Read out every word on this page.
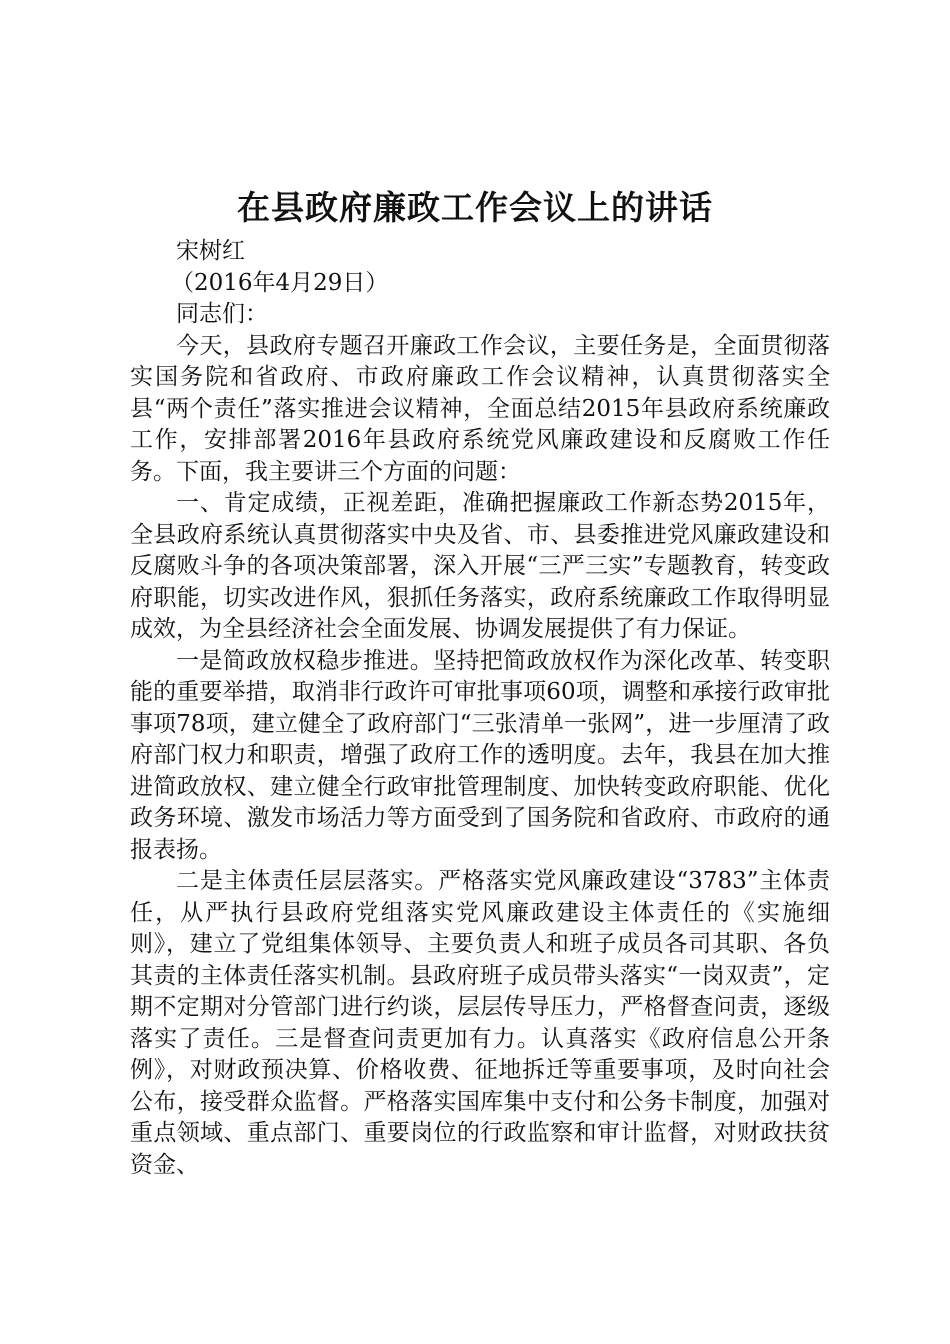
在县政府廉政工作会议上的讲话

宋树红

（2016年4月29日）

同志们：

今天，县政府专题召开廉政工作会议，主要任务是，全面贯彻落实国务院和省政府、市政府廉政工作会议精神，认真贯彻落实全县“两个责任”落实推进会议精神，全面总结2015年县政府系统廉政工作，安排部署2016年县政府系统党风廉政建设和反腐败工作任务。下面，我主要讲三个方面的问题：

一、肯定成绩，正视差距，准确把握廉政工作新态势2015年，全县政府系统认真贯彻落实中央及省、市、县委推进党风廉政建设和反腐败斗争的各项决策部署，深入开展“三严三实”专题教育，转变政府职能，切实改进作风，狠抓任务落实，政府系统廉政工作取得明显成效，为全县经济社会全面发展、协调发展提供了有力保证。

一是简政放权稳步推进。坚持把简政放权作为深化改革、转变职能的重要举措，取消非行政许可审批事项60项，调整和承接行政审批事项78项，建立健全了政府部门“三张清单一张网”，进一步厘清了政府部门权力和职责，增强了政府工作的透明度。去年，我县在加大推进简政放权、建立健全行政审批管理制度、加快转变政府职能、优化政务环境、激发市场活力等方面受到了国务院和省政府、市政府的通报表扬。

二是主体责任层层落实。严格落实党风廉政建设“3783”主体责任，从严执行县政府党组落实党风廉政建设主体责任的《实施细则》，建立了党组集体领导、主要负责人和班子成员各司其职、各负其责的主体责任落实机制。县政府班子成员带头落实“一岗双责”，定期不定期对分管部门进行约谈，层层传导压力，严格督查问责，逐级落实了责任。三是督查问责更加有力。认真落实《政府信息公开条例》，对财政预决算、价格收费、征地拆迁等重要事项，及时向社会公布，接受群众监督。严格落实国库集中支付和公务卡制度，加强对重点领域、重点部门、重要岗位的行政监察和审计监督，对财政扶贫资金、
